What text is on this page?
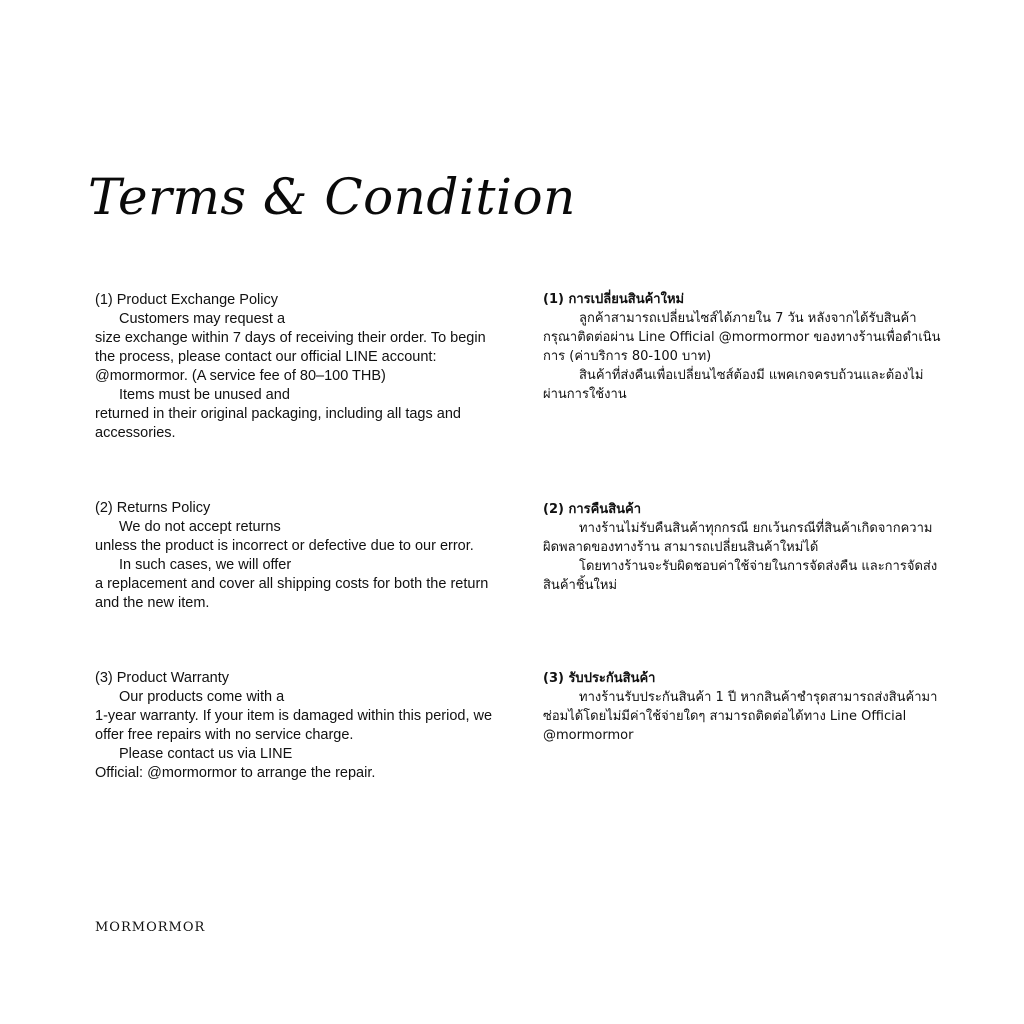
Terms & Condition
(1) Product Exchange Policy
Customers may request a
size exchange within 7 days of receiving their order. To begin the process, please contact our official LINE account: @mormormor. (A service fee of 80–100 THB)
Items must be unused and
returned in their original packaging, including all tags and accessories.
(2) Returns Policy
We do not accept returns
unless the product is incorrect or defective due to our error.
In such cases, we will offer
a replacement and cover all shipping costs for both the return and the new item.
(3) Product Warranty
Our products come with a
1-year warranty. If your item is damaged within this period, we offer free repairs with no service charge.
Please contact us via LINE
Official: @mormormor to arrange the repair.
(1) การเปลี่ยนสินค้าใหม่
ลูกค้าสามารถเปลี่ยนไซส์ได้ภายใน 7 วัน หลังจากได้รับสินค้ากรุณาติดต่อผ่าน Line Official @mormormor ของทางร้านเพื่อดำเนินการ (ค่าบริการ 80-100 บาท)
สินค้าที่ส่งคืนเพื่อเปลี่ยนไซส์ต้องมี แพคเกจครบถ้วนและต้องไม่ผ่านการใช้งาน
(2) การคืนสินค้า
ทางร้านไม่รับคืนสินค้าทุกกรณี ยกเว้นกรณีที่สินค้าเกิดจากความผิดพลาดของทางร้าน สามารถเปลี่ยนสินค้าใหม่ได้
โดยทางร้านจะรับผิดชอบค่าใช้จ่ายในการจัดส่งคืน และการจัดส่งสินค้าชิ้นใหม่
(3) รับประกันสินค้า
ทางร้านรับประกันสินค้า 1 ปี หากสินค้าชำรุดสามารถส่งสินค้ามาซ่อมได้โดยไม่มีค่าใช้จ่ายใดๆ สามารถติดต่อได้ทาง Line Official @mormormor
mormormor
